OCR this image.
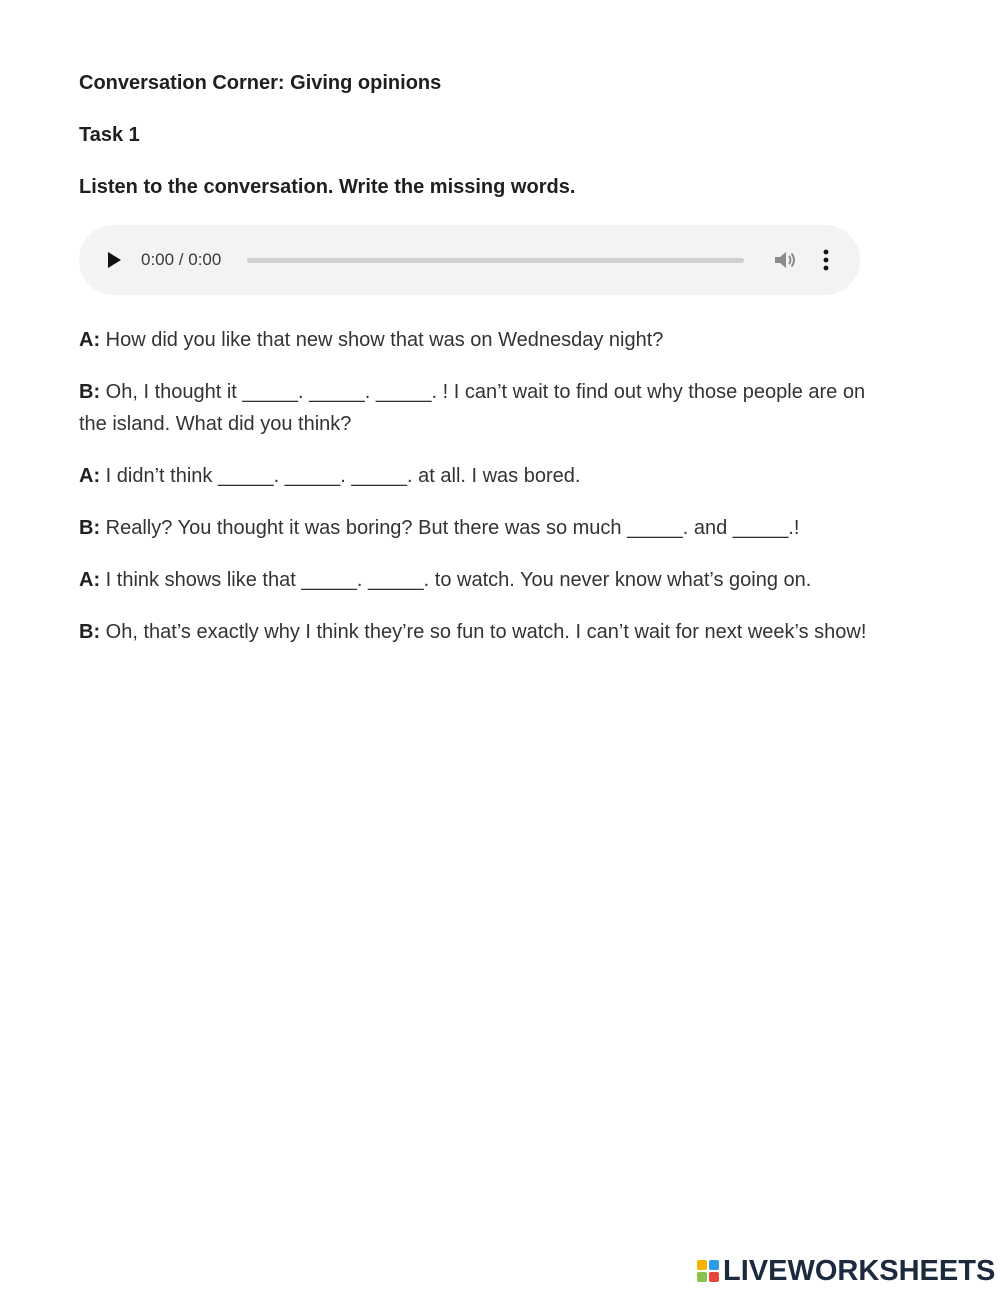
Conversation Corner: Giving opinions
Task 1
Listen to the conversation. Write the missing words.
0:00 / 0:00

A: How did you like that new show that was on Wednesday night?

B: Oh, I thought it _____. _____. _____. ! I can’t wait to find out why those people are on the island. What did you think?

A: I didn’t think _____. _____. _____. at all. I was bored.

B: Really? You thought it was boring? But there was so much _____. and _____.!

A: I think shows like that _____. _____. to watch. You never know what’s going on.

B: Oh, that’s exactly why I think they’re so fun to watch. I can’t wait for next week’s show!

LIVEWORKSHEETS
